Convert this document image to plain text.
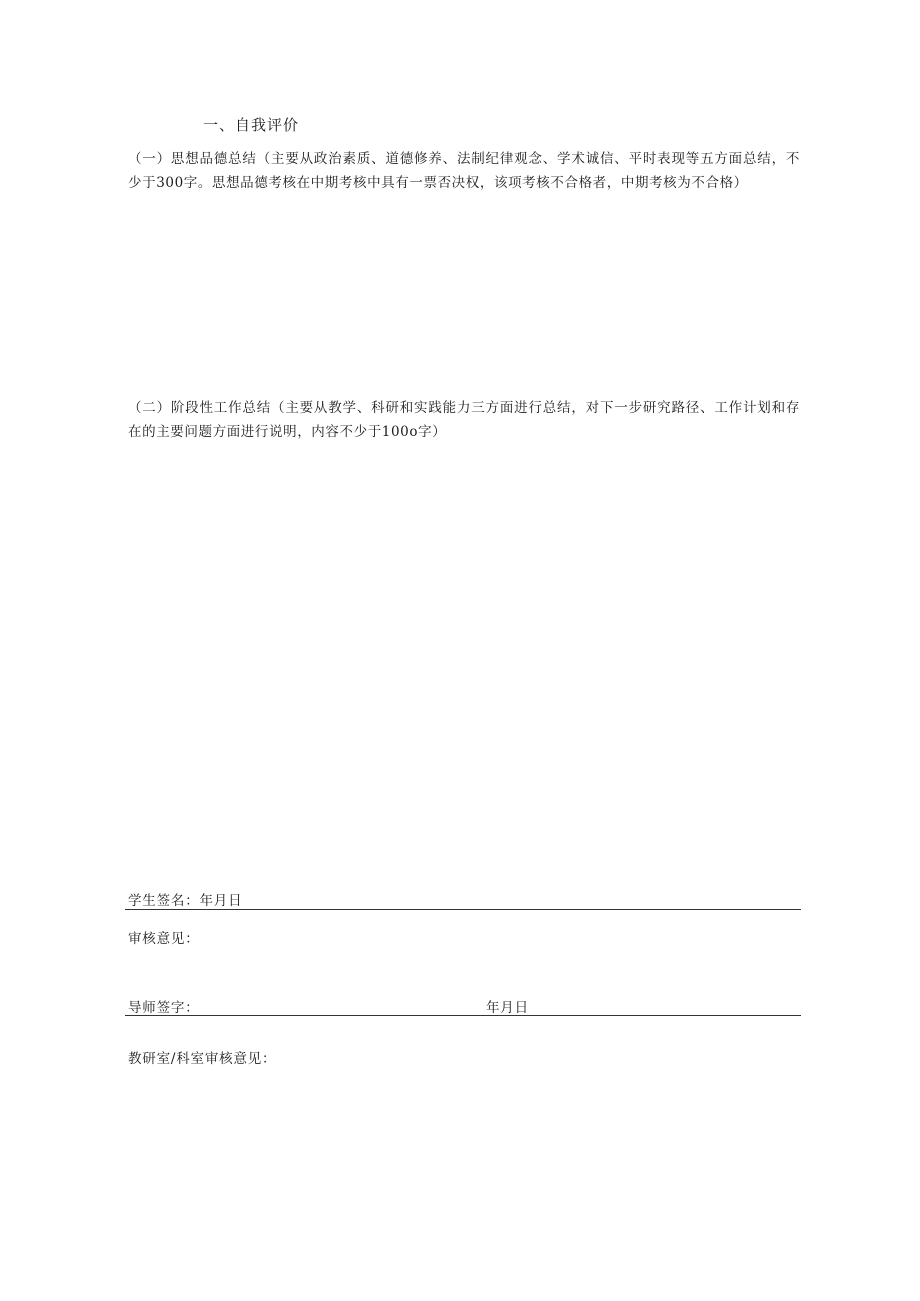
一、自我评价
（一）思想品德总结（主要从政治素质、道德修养、法制纪律观念、学术诚信、平时表现等五方面总结，不少于300字。思想品德考核在中期考核中具有一票否决权，该项考核不合格者，中期考核为不合格）
（二）阶段性工作总结（主要从教学、科研和实践能力三方面进行总结，对下一步研究路径、工作计划和存在的主要问题方面进行说明，内容不少于100o字）
学生签名：年月日
审核意见：
导师签字：	年月日
教研室/科室审核意见：
